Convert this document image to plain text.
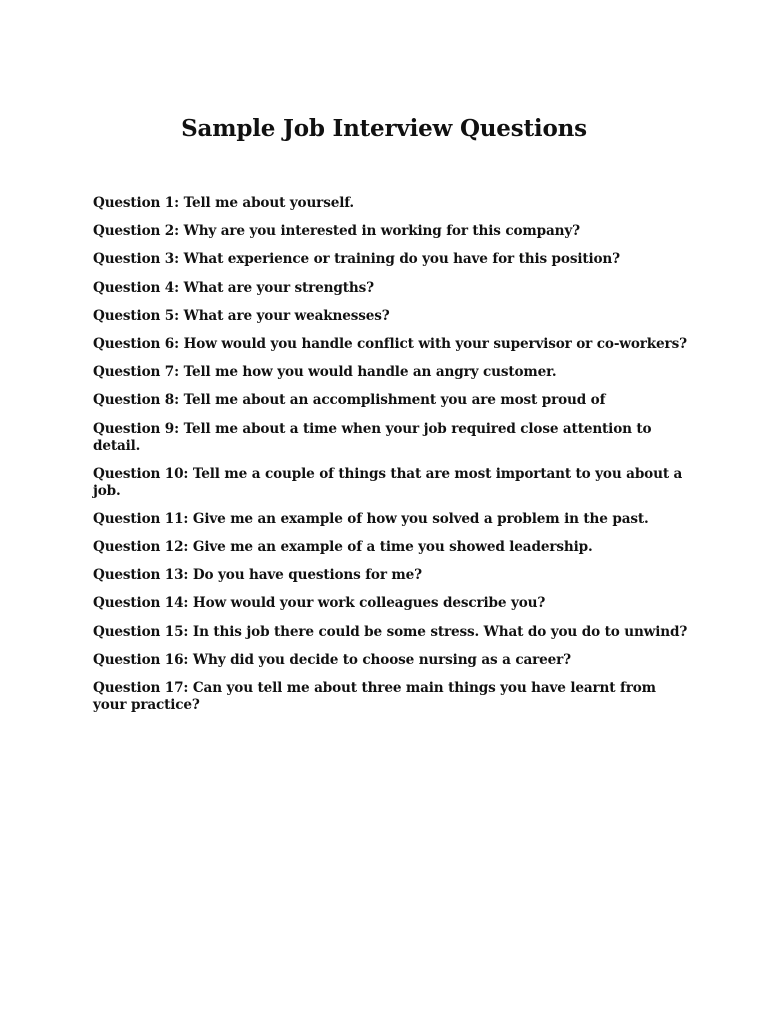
Sample Job Interview Questions
Question 1: Tell me about yourself.
Question 2: Why are you interested in working for this company?
Question 3: What experience or training do you have for this position?
Question 4: What are your strengths?
Question 5: What are your weaknesses?
Question 6: How would you handle conflict with your supervisor or co-workers?
Question 7: Tell me how you would handle an angry customer.
Question 8: Tell me about an accomplishment you are most proud of
Question 9: Tell me about a time when your job required close attention to detail.
Question 10: Tell me a couple of things that are most important to you about a job.
Question 11: Give me an example of how you solved a problem in the past.
Question 12: Give me an example of a time you showed leadership.
Question 13: Do you have questions for me?
Question 14: How would your work colleagues describe you?
Question 15: In this job there could be some stress. What do you do to unwind?
Question 16: Why did you decide to choose nursing as a career?
Question 17: Can you tell me about three main things you have learnt from your practice?
